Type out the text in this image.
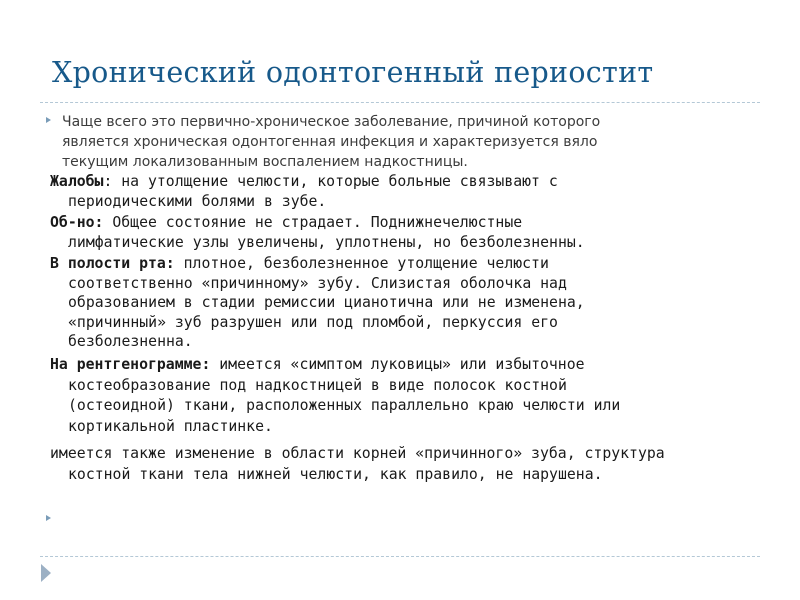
Хронический одонтогенный периостит
Чаще всего это первично-хроническое заболевание, причиной которого
является хроническая одонтогенная инфекция и характеризуется вяло
текущим локализованным воспалением надкостницы.
Жалобы: на утолщение челюсти, которые больные связывают с
периодическими болями в зубе.
Об-но: Общее состояние не страдает. Поднижнечелюстные
лимфатические узлы увеличены, уплотнены, но безболезненны.
В полости рта: плотное, безболезненное утолщение челюсти
соответственно «причинному» зубу. Слизистая оболочка над
образованием в стадии ремиссии цианотична или не изменена,
«причинный» зуб разрушен или под пломбой, перкуссия его
безболезненна.
На рентгенограмме: имеется «симптом луковицы» или избыточное
костеобразование под надкостницей в виде полосок костной
(остеоидной) ткани, расположенных параллельно краю челюсти или
кортикальной пластинке.
имеется также изменение в области корней «причинного» зуба, структура
костной ткани тела нижней челюсти, как правило, не нарушена.
